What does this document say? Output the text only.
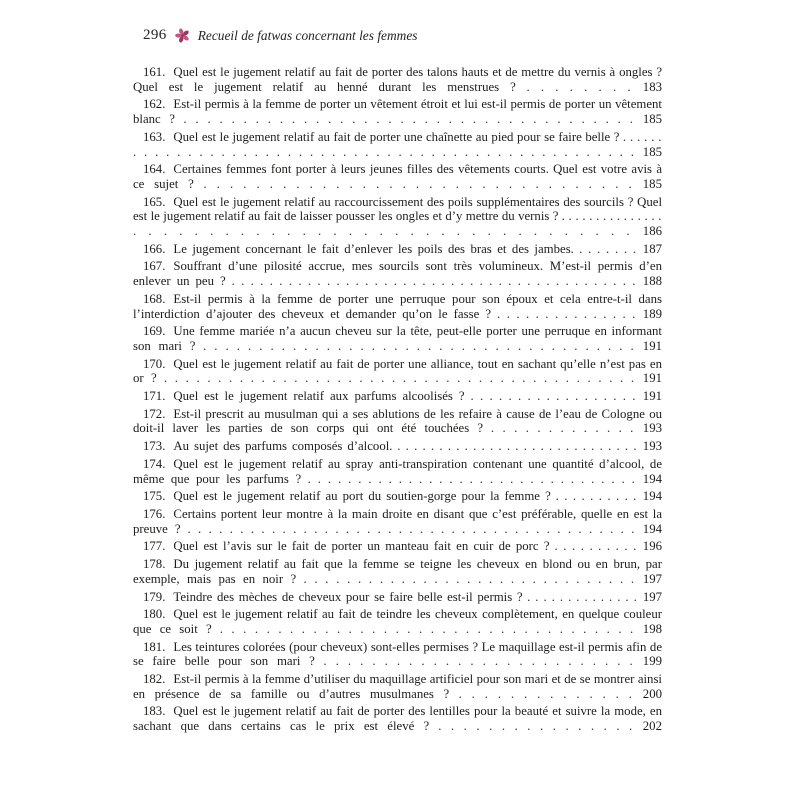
296 Recueil de fatwas concernant les femmes

161. Quel est le jugement relatif au fait de porter des talons hauts et de mettre du vernis à ongles ? Quel est le jugement relatif au henné durant les menstrues ? . . . . . . . . 183

162. Est-il permis à la femme de porter un vêtement étroit et lui est-il permis de porter un vêtement blanc ? . . . . . . . . . . . . . . . . . . . . . . . . . . . . . . . . . . . . . . 185

163. Quel est le jugement relatif au fait de porter une chaînette au pied pour se faire belle ? . . . . . . . . . . . . . . . . . . . . . . . . . . . . . . . . . . . . . . . . . . . . . . . . . . . . 185

164. Certaines femmes font porter à leurs jeunes filles des vêtements courts. Quel est votre avis à ce sujet ? . . . . . . . . . . . . . . . . . . . . . . . . . . . . . . . . . 185

165. Quel est le jugement relatif au raccourcissement des poils supplémentaires des sourcils ? Quel est le jugement relatif au fait de laisser pousser les ongles et d’y mettre du vernis ? . . . . . . . . . . . . . . . . . . . . . . . . . . . . . . . . . . . . . . . . . . . . . . . . 186

166. Le jugement concernant le fait d’enlever les poils des bras et des jambes. . . . . . . . 187

167. Souffrant d’une pilosité accrue, mes sourcils sont très volumineux. M’est-il permis d’en enlever un peu ? . . . . . . . . . . . . . . . . . . . . . . . . . . . . . . . . . . . . . . . . . . . 188

168. Est-il permis à la femme de porter une perruque pour son époux et cela entre-t-il dans l’interdiction d’ajouter des cheveux et demander qu’on le fasse ? . . . . . . . . . . . . . . . 189

169. Une femme mariée n’a aucun cheveu sur la tête, peut-elle porter une perruque en informant son mari ? . . . . . . . . . . . . . . . . . . . . . . . . . . . . . . . . . . . . . . . 191

170. Quel est le jugement relatif au fait de porter une alliance, tout en sachant qu’elle n’est pas en or ? . . . . . . . . . . . . . . . . . . . . . . . . . . . . . . . . . . . . . . . . . . . . 191

171. Quel est le jugement relatif aux parfums alcoolisés ? . . . . . . . . . . . . . . . . . . 191

172. Est-il prescrit au musulman qui a ses ablutions de les refaire à cause de l’eau de Cologne ou doit-il laver les parties de son corps qui ont été touchées ? . . . . . . . . . . . . . 193

173. Au sujet des parfums composés d’alcool. . . . . . . . . . . . . . . . . . . . . . . . . . . . . . 193

174. Quel est le jugement relatif au spray anti-transpiration contenant une quantité d’alcool, de même que pour les parfums ? . . . . . . . . . . . . . . . . . . . . . . . . . . . . . . . . . 194

175. Quel est le jugement relatif au port du soutien-gorge pour la femme ? . . . . . . . . . . 194

176. Certains portent leur montre à la main droite en disant que c’est préférable, quelle en est la preuve ? . . . . . . . . . . . . . . . . . . . . . . . . . . . . . . . . . . . . . . . . . . . 194

177. Quel est l’avis sur le fait de porter un manteau fait en cuir de porc ? . . . . . . . . . . 196

178. Du jugement relatif au fait que la femme se teigne les cheveux en blond ou en brun, par exemple, mais pas en noir ? . . . . . . . . . . . . . . . . . . . . . . . . . . . . . . . 197

179. Teindre des mèches de cheveux pour se faire belle est-il permis ? . . . . . . . . . . . . . . 197

180. Quel est le jugement relatif au fait de teindre les cheveux complètement, en quelque couleur que ce soit ? . . . . . . . . . . . . . . . . . . . . . . . . . . . . . . . . . . . . 198

181. Les teintures colorées (pour cheveux) sont-elles permises ? Le maquillage est-il permis afin de se faire belle pour son mari ? . . . . . . . . . . . . . . . . . . . . . . . . . . 199

182. Est-il permis à la femme d’utiliser du maquillage artificiel pour son mari et de se montrer ainsi en présence de sa famille ou d’autres musulmanes ? . . . . . . . . . . . . . . 200

183. Quel est le jugement relatif au fait de porter des lentilles pour la beauté et suivre la mode, en sachant que dans certains cas le prix est élevé ? . . . . . . . . . . . . . . . . 202
